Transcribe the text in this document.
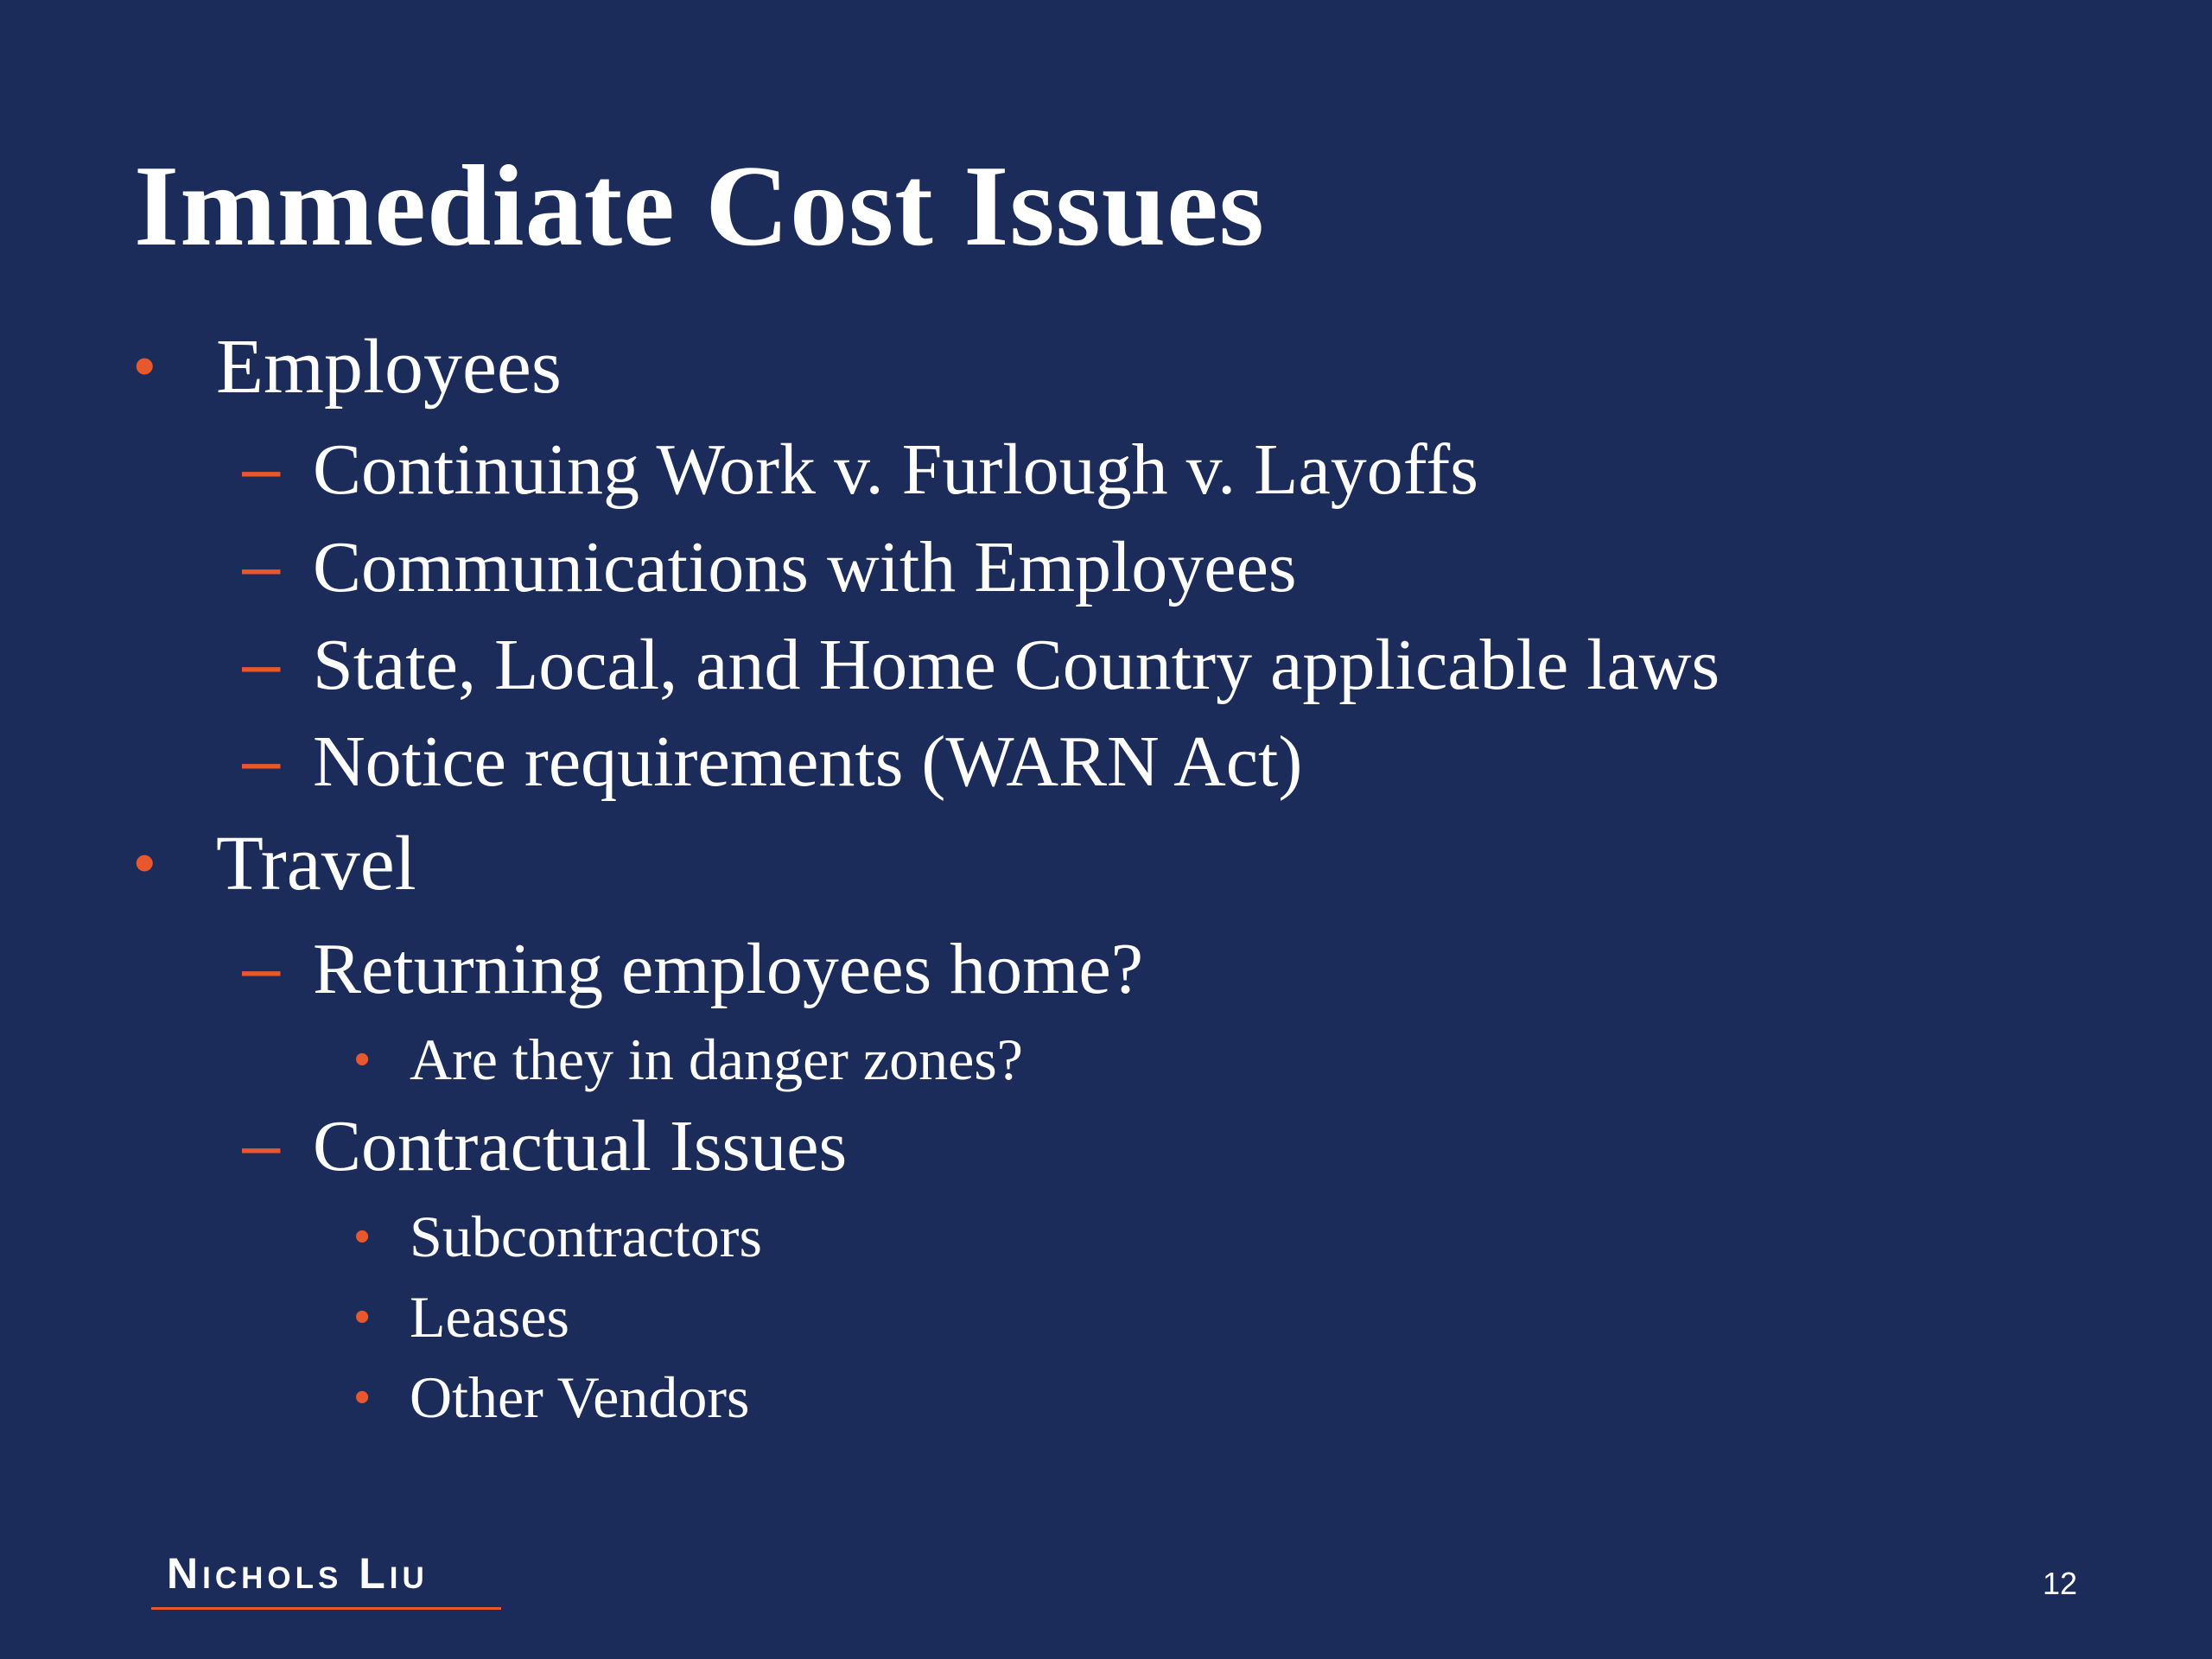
Immediate Cost Issues
• Employees
– Continuing Work v. Furlough v. Layoffs
– Communications with Employees
– State, Local, and Home Country applicable laws
– Notice requirements (WARN Act)
• Travel
– Returning employees home?
• Are they in danger zones?
– Contractual Issues
• Subcontractors
• Leases
• Other Vendors
Nichols Liu	12
